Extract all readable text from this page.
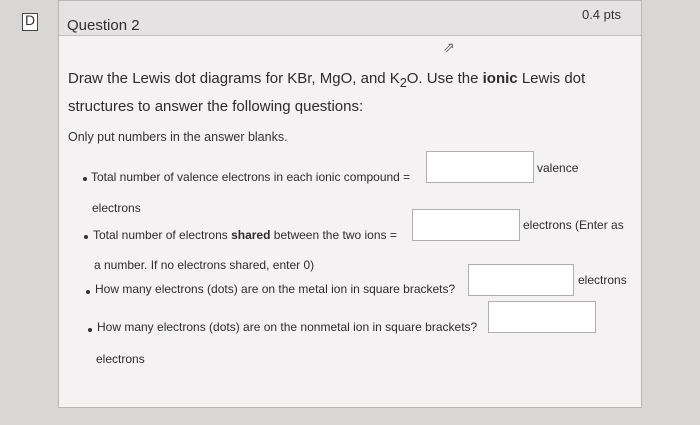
D Question 2
0.4 pts
⇗
Draw the Lewis dot diagrams for KBr, MgO, and $K_2O$. Use the ionic Lewis dot structures to answer the following questions:
Only put numbers in the answer blanks.
Total number of valence electrons in each ionic compound =
valence
electrons
Total number of electrons shared between the two ions =
electrons (Enter as
a number. If no electrons shared, enter 0)
How many electrons (dots) are on the metal ion in square brackets?
electrons
How many electrons (dots) are on the nonmetal ion in square brackets?
electrons
